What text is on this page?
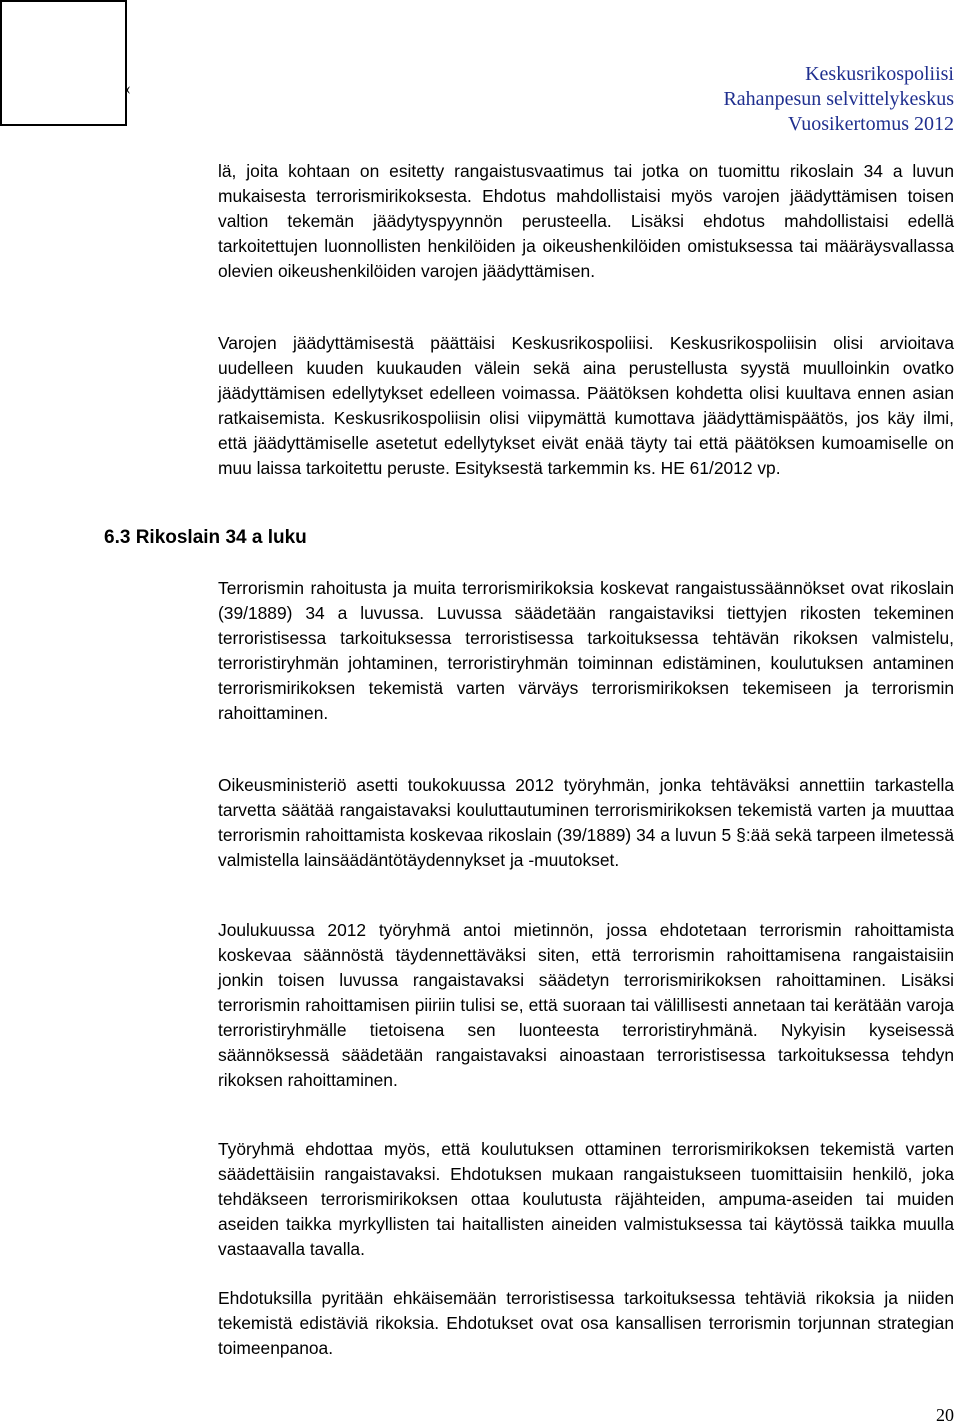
‹
Keskusrikospoliisi
Rahanpesun selvittelykeskus
Vuosikertomus 2012

lä, joita kohtaan on esitetty rangaistusvaatimus tai jotka on tuomittu rikoslain 34 a luvun mukaisesta terrorismirikoksesta. Ehdotus mahdollistaisi myös varojen jäädyttämisen toisen valtion tekemän jäädytyspyynnön perusteella. Lisäksi ehdotus mahdollistaisi edellä tarkoitettujen luonnollisten henkilöiden ja oikeushenkilöiden omistuksessa tai määräysvallassa olevien oikeushenkilöiden varojen jäädyttämisen.

Varojen jäädyttämisestä päättäisi Keskusrikospoliisi. Keskusrikospoliisin olisi arvioitava uudelleen kuuden kuukauden välein sekä aina perustellusta syystä muulloinkin ovatko jäädyttämisen edellytykset edelleen voimassa. Päätöksen kohdetta olisi kuultava ennen asian ratkaisemista. Keskusrikospoliisin olisi viipymättä kumottava jäädyttämispäätös, jos käy ilmi, että jäädyttämiselle asetetut edellytykset eivät enää täyty tai että päätöksen kumoamiselle on muu laissa tarkoitettu peruste. Esityksestä tarkemmin ks. HE 61/2012 vp.

6.3 Rikoslain 34 a luku

Terrorismin rahoitusta ja muita terrorismirikoksia koskevat rangaistussäännökset ovat rikoslain (39/1889) 34 a luvussa. Luvussa säädetään rangaistaviksi tiettyjen rikosten tekeminen terroristisessa tarkoituksessa terroristisessa tarkoituksessa tehtävän rikoksen valmistelu, terroristiryhmän johtaminen, terroristiryhmän toiminnan edistäminen, koulutuksen antaminen terrorismirikoksen tekemistä varten värväys terrorismirikoksen tekemiseen ja terrorismin rahoittaminen.

Oikeusministeriö asetti toukokuussa 2012 työryhmän, jonka tehtäväksi annettiin tarkastella tarvetta säätää rangaistavaksi kouluttautuminen terrorismirikoksen tekemistä varten ja muuttaa terrorismin rahoittamista koskevaa rikoslain (39/1889) 34 a luvun 5 §:ää sekä tarpeen ilmetessä valmistella lainsäädäntötäydennykset ja -muutokset.

Joulukuussa 2012 työryhmä antoi mietinnön, jossa ehdotetaan terrorismin rahoittamista koskevaa säännöstä täydennettäväksi siten, että terrorismin rahoittamisena rangaistaisiin jonkin toisen luvussa rangaistavaksi säädetyn terrorismirikoksen rahoittaminen. Lisäksi terrorismin rahoittamisen piiriin tulisi se, että suoraan tai välillisesti annetaan tai kerätään varoja terroristiryhmälle tietoisena sen luonteesta terroristiryhmänä. Nykyisin kyseisessä säännöksessä säädetään rangaistavaksi ainoastaan terroristisessa tarkoituksessa tehdyn rikoksen rahoittaminen.

Työryhmä ehdottaa myös, että koulutuksen ottaminen terrorismirikoksen tekemistä varten säädettäisiin rangaistavaksi. Ehdotuksen mukaan rangaistukseen tuomittaisiin henkilö, joka tehdäkseen terrorismirikoksen ottaa koulutusta räjähteiden, ampuma-aseiden tai muiden aseiden taikka myrkyllisten tai haitallisten aineiden valmistuksessa tai käytössä taikka muulla vastaavalla tavalla.

Ehdotuksilla pyritään ehkäisemään terroristisessa tarkoituksessa tehtäviä rikoksia ja niiden tekemistä edistäviä rikoksia. Ehdotukset ovat osa kansallisen terrorismin torjunnan strategian toimeenpanoa.

20
